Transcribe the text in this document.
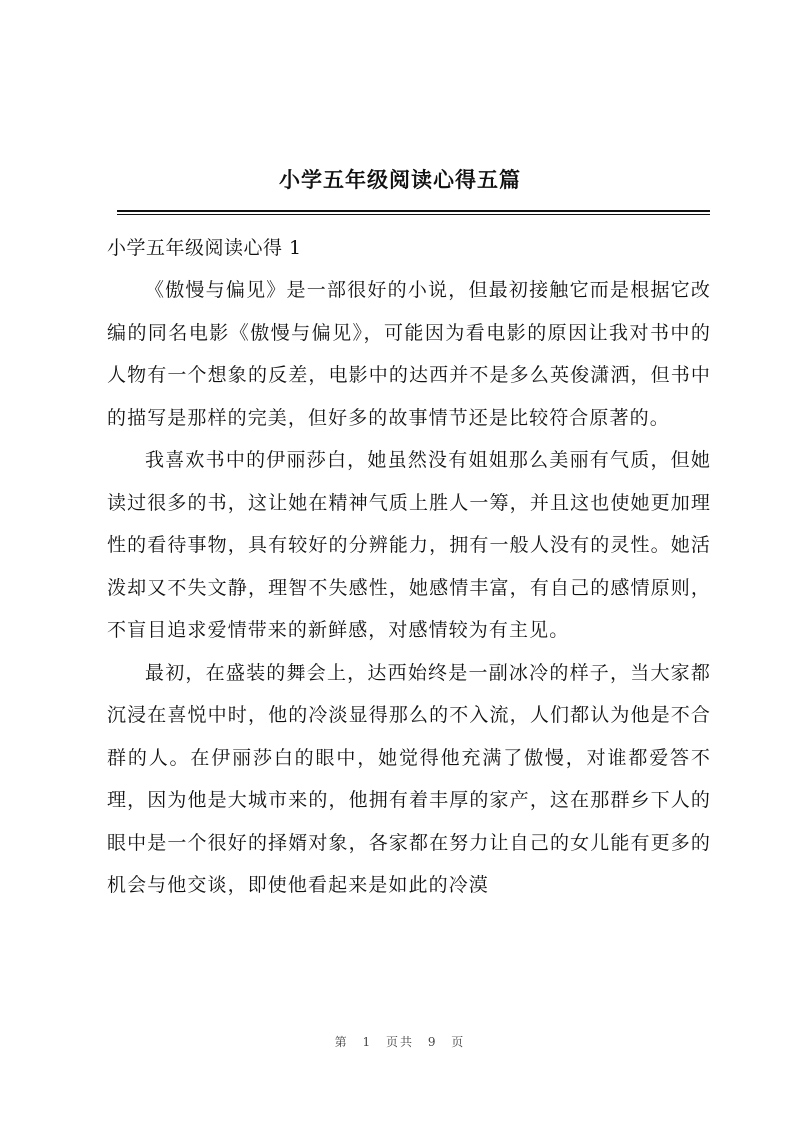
小学五年级阅读心得五篇

小学五年级阅读心得 1

《傲慢与偏见》是一部很好的小说，但最初接触它而是根据它改编的同名电影《傲慢与偏见》，可能因为看电影的原因让我对书中的人物有一个想象的反差，电影中的达西并不是多么英俊潇洒，但书中的描写是那样的完美，但好多的故事情节还是比较符合原著的。

我喜欢书中的伊丽莎白，她虽然没有姐姐那么美丽有气质，但她读过很多的书，这让她在精神气质上胜人一筹，并且这也使她更加理性的看待事物，具有较好的分辨能力，拥有一般人没有的灵性。她活泼却又不失文静，理智不失感性，她感情丰富，有自己的感情原则，不盲目追求爱情带来的新鲜感，对感情较为有主见。

最初，在盛装的舞会上，达西始终是一副冰冷的样子，当大家都沉浸在喜悦中时，他的冷淡显得那么的不入流，人们都认为他是不合群的人。在伊丽莎白的眼中，她觉得他充满了傲慢，对谁都爱答不理，因为他是大城市来的，他拥有着丰厚的家产，这在那群乡下人的眼中是一个很好的择婿对象，各家都在努力让自己的女儿能有更多的机会与他交谈，即使他看起来是如此的冷漠

第 1 页共 9 页
